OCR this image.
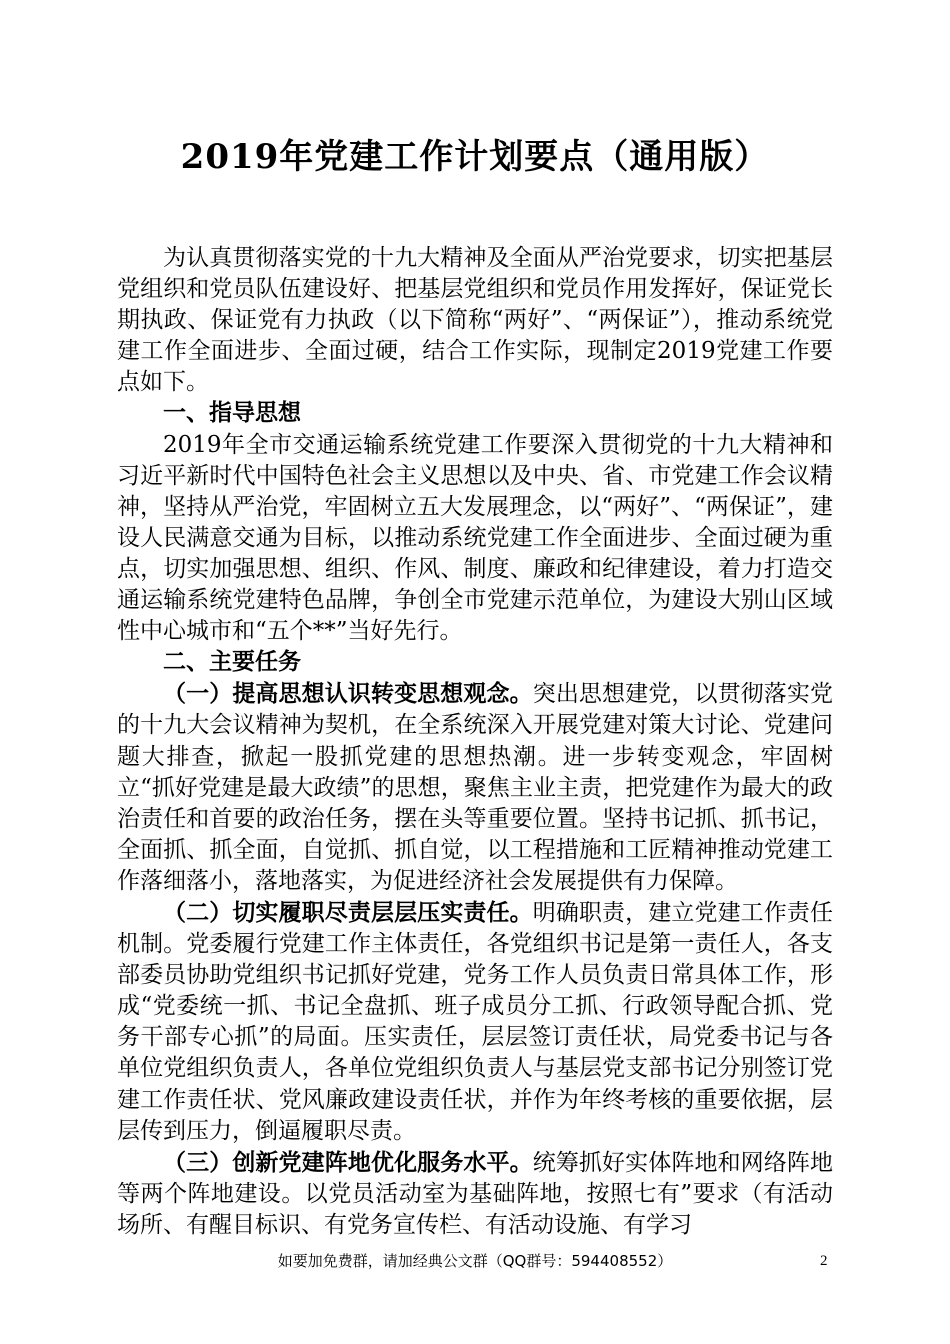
2019年党建工作计划要点（通用版）

为认真贯彻落实党的十九大精神及全面从严治党要求，切实把基层党组织和党员队伍建设好、把基层党组织和党员作用发挥好，保证党长期执政、保证党有力执政（以下简称“两好”、“两保证”），推动系统党建工作全面进步、全面过硬，结合工作实际，现制定2019党建工作要点如下。

一、指导思想

2019年全市交通运输系统党建工作要深入贯彻党的十九大精神和习近平新时代中国特色社会主义思想以及中央、省、市党建工作会议精神，坚持从严治党，牢固树立五大发展理念，以“两好”、“两保证”，建设人民满意交通为目标，以推动系统党建工作全面进步、全面过硬为重点，切实加强思想、组织、作风、制度、廉政和纪律建设，着力打造交通运输系统党建特色品牌，争创全市党建示范单位，为建设大别山区域性中心城市和“五个**”当好先行。

二、主要任务

（一）提高思想认识转变思想观念。突出思想建党，以贯彻落实党的十九大会议精神为契机，在全系统深入开展党建对策大讨论、党建问题大排查，掀起一股抓党建的思想热潮。进一步转变观念，牢固树立“抓好党建是最大政绩”的思想，聚焦主业主责，把党建作为最大的政治责任和首要的政治任务，摆在头等重要位置。坚持书记抓、抓书记，全面抓、抓全面，自觉抓、抓自觉，以工程措施和工匠精神推动党建工作落细落小，落地落实，为促进经济社会发展提供有力保障。

（二）切实履职尽责层层压实责任。明确职责，建立党建工作责任机制。党委履行党建工作主体责任，各党组织书记是第一责任人，各支部委员协助党组织书记抓好党建，党务工作人员负责日常具体工作，形成“党委统一抓、书记全盘抓、班子成员分工抓、行政领导配合抓、党务干部专心抓”的局面。压实责任，层层签订责任状，局党委书记与各单位党组织负责人，各单位党组织负责人与基层党支部书记分别签订党建工作责任状、党风廉政建设责任状，并作为年终考核的重要依据，层层传到压力，倒逼履职尽责。

（三）创新党建阵地优化服务水平。统筹抓好实体阵地和网络阵地等两个阵地建设。以党员活动室为基础阵地，按照七有”要求（有活动场所、有醒目标识、有党务宣传栏、有活动设施、有学习

如要加免费群，请加经典公文群（QQ群号：594408552）	2
